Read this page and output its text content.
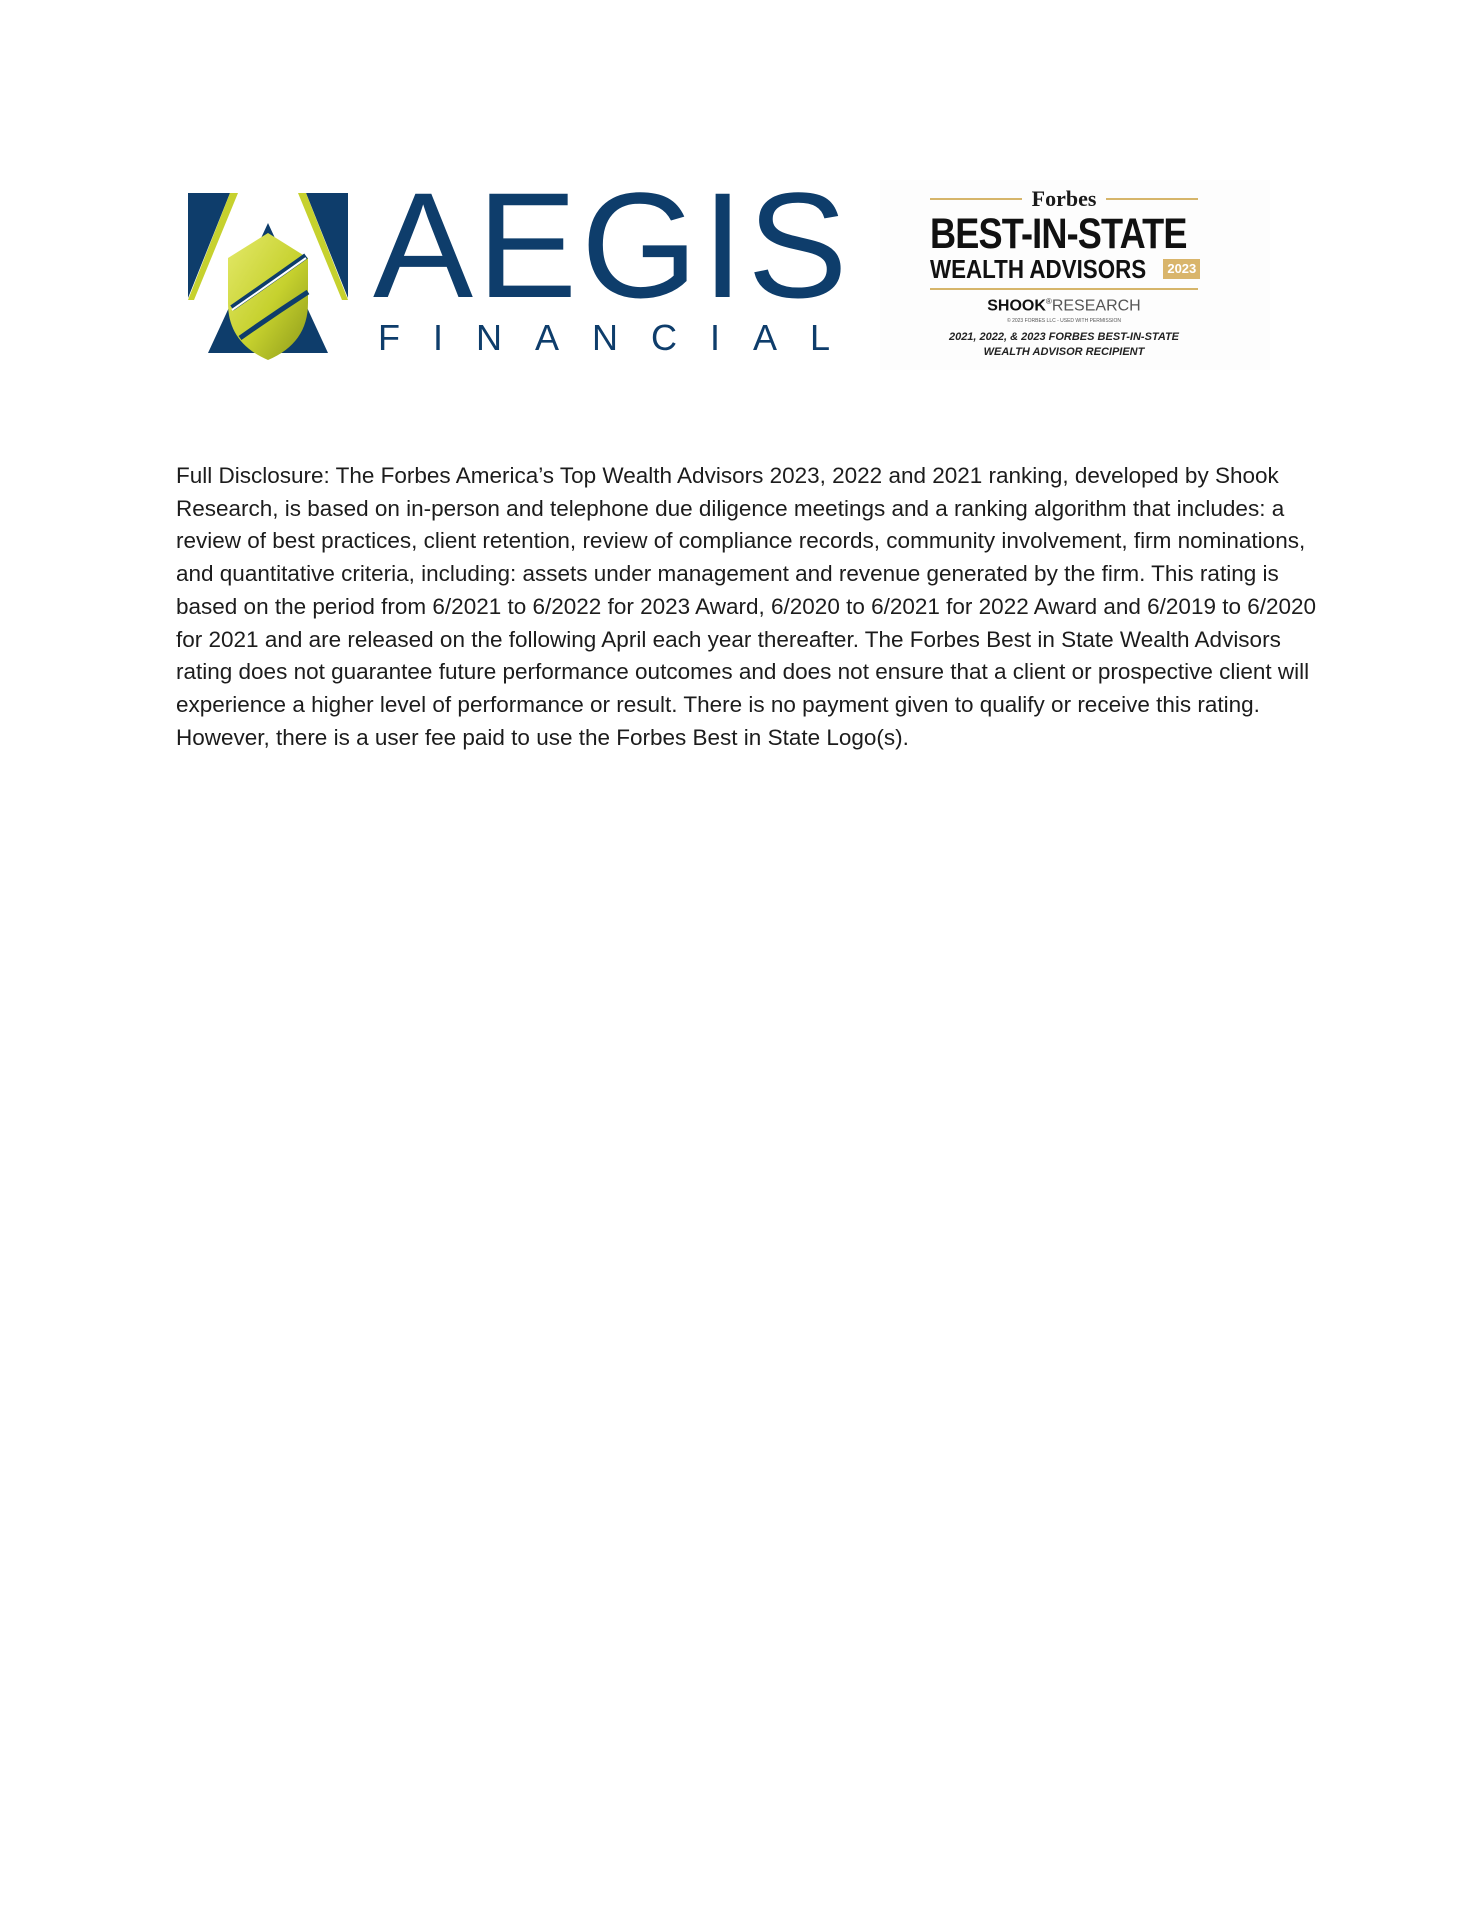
AEGIS
FINANCIAL
Forbes
BEST-IN-STATE
WEALTH ADVISORS	2023
SHOOK®RESEARCH
© 2023 FORBES LLC - USED WITH PERMISSION
2021, 2022, & 2023 FORBES BEST-IN-STATE
WEALTH ADVISOR RECIPIENT

Full Disclosure: The Forbes America’s Top Wealth Advisors 2023, 2022 and 2021 ranking, developed by Shook Research, is based on in-person and telephone due diligence meetings and a ranking algorithm that includes: a review of best practices, client retention, review of compliance records, community involvement, firm nominations, and quantitative criteria, including: assets under management and revenue generated by the firm. This rating is based on the period from 6/2021 to 6/2022 for 2023 Award, 6/2020 to 6/2021 for 2022 Award and 6/2019 to 6/2020 for 2021 and are released on the following April each year thereafter. The Forbes Best in State Wealth Advisors rating does not guarantee future performance outcomes and does not ensure that a client or prospective client will experience a higher level of performance or result. There is no payment given to qualify or receive this rating. However, there is a user fee paid to use the Forbes Best in State Logo(s).
